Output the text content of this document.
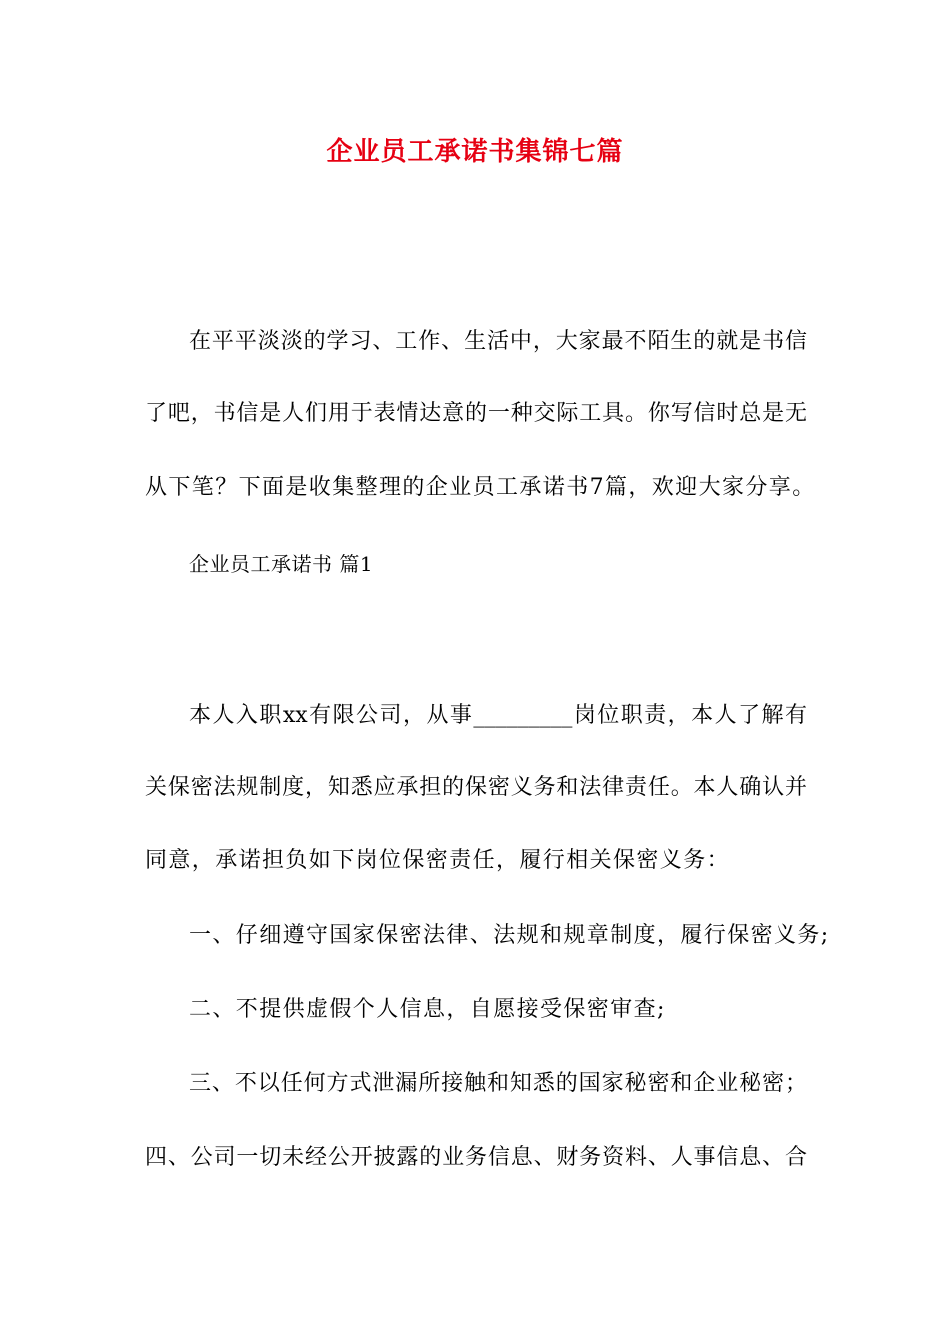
企业员工承诺书集锦七篇
在平平淡淡的学习、工作、生活中，大家最不陌生的就是书信
了吧，书信是人们用于表情达意的一种交际工具。你写信时总是无
从下笔？下面是收集整理的企业员工承诺书7篇，欢迎大家分享。
企业员工承诺书 篇1
本人入职xx有限公司，从事_________岗位职责，本人了解有
关保密法规制度，知悉应承担的保密义务和法律责任。本人确认并
同意，承诺担负如下岗位保密责任，履行相关保密义务：
一、仔细遵守国家保密法律、法规和规章制度，履行保密义务;
二、不提供虚假个人信息，自愿接受保密审查;
三、不以任何方式泄漏所接触和知悉的国家秘密和企业秘密；
四、公司一切未经公开披露的业务信息、财务资料、人事信息、合
